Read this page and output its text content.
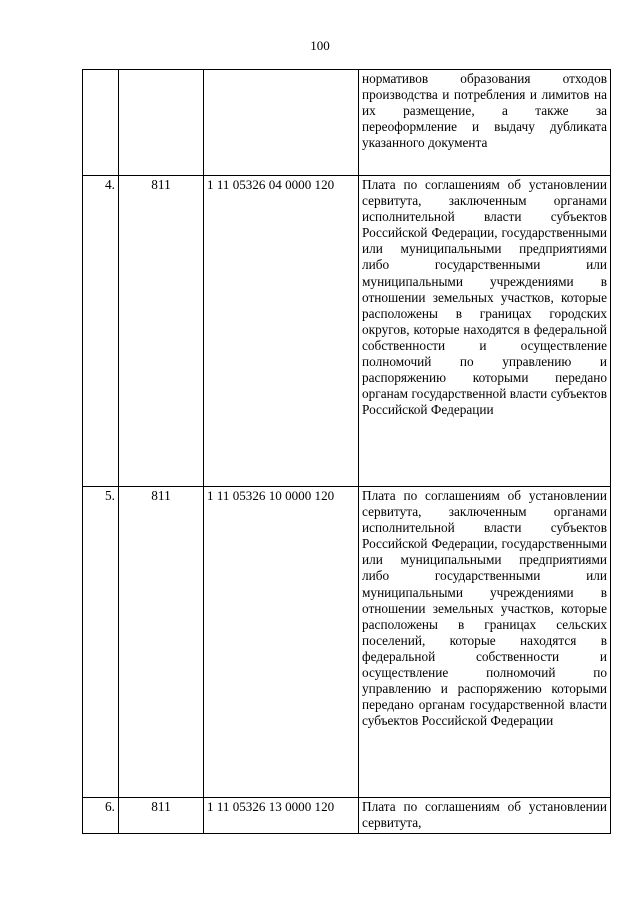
100
			нормативов образования отходов производства и потребления и лимитов на их размещение, а также за переоформление и выдачу дубликата указанного документа
4.	811	1 11 05326 04 0000 120	Плата по соглашениям об установлении сервитута, заключенным органами исполнительной власти субъектов Российской Федерации, государственными или муниципальными предприятиями либо государственными или муниципальными учреждениями в отношении земельных участков, которые расположены в границах городских округов, которые находятся в федеральной собственности и осуществление полномочий по управлению и распоряжению которыми передано органам государственной власти субъектов Российской Федерации
5.	811	1 11 05326 10 0000 120	Плата по соглашениям об установлении сервитута, заключенным органами исполнительной власти субъектов Российской Федерации, государственными или муниципальными предприятиями либо государственными или муниципальными учреждениями в отношении земельных участков, которые расположены в границах сельских поселений, которые находятся в федеральной собственности и осуществление полномочий по управлению и распоряжению которыми передано органам государственной власти субъектов Российской Федерации
6.	811	1 11 05326 13 0000 120	Плата по соглашениям об установлении сервитута,
